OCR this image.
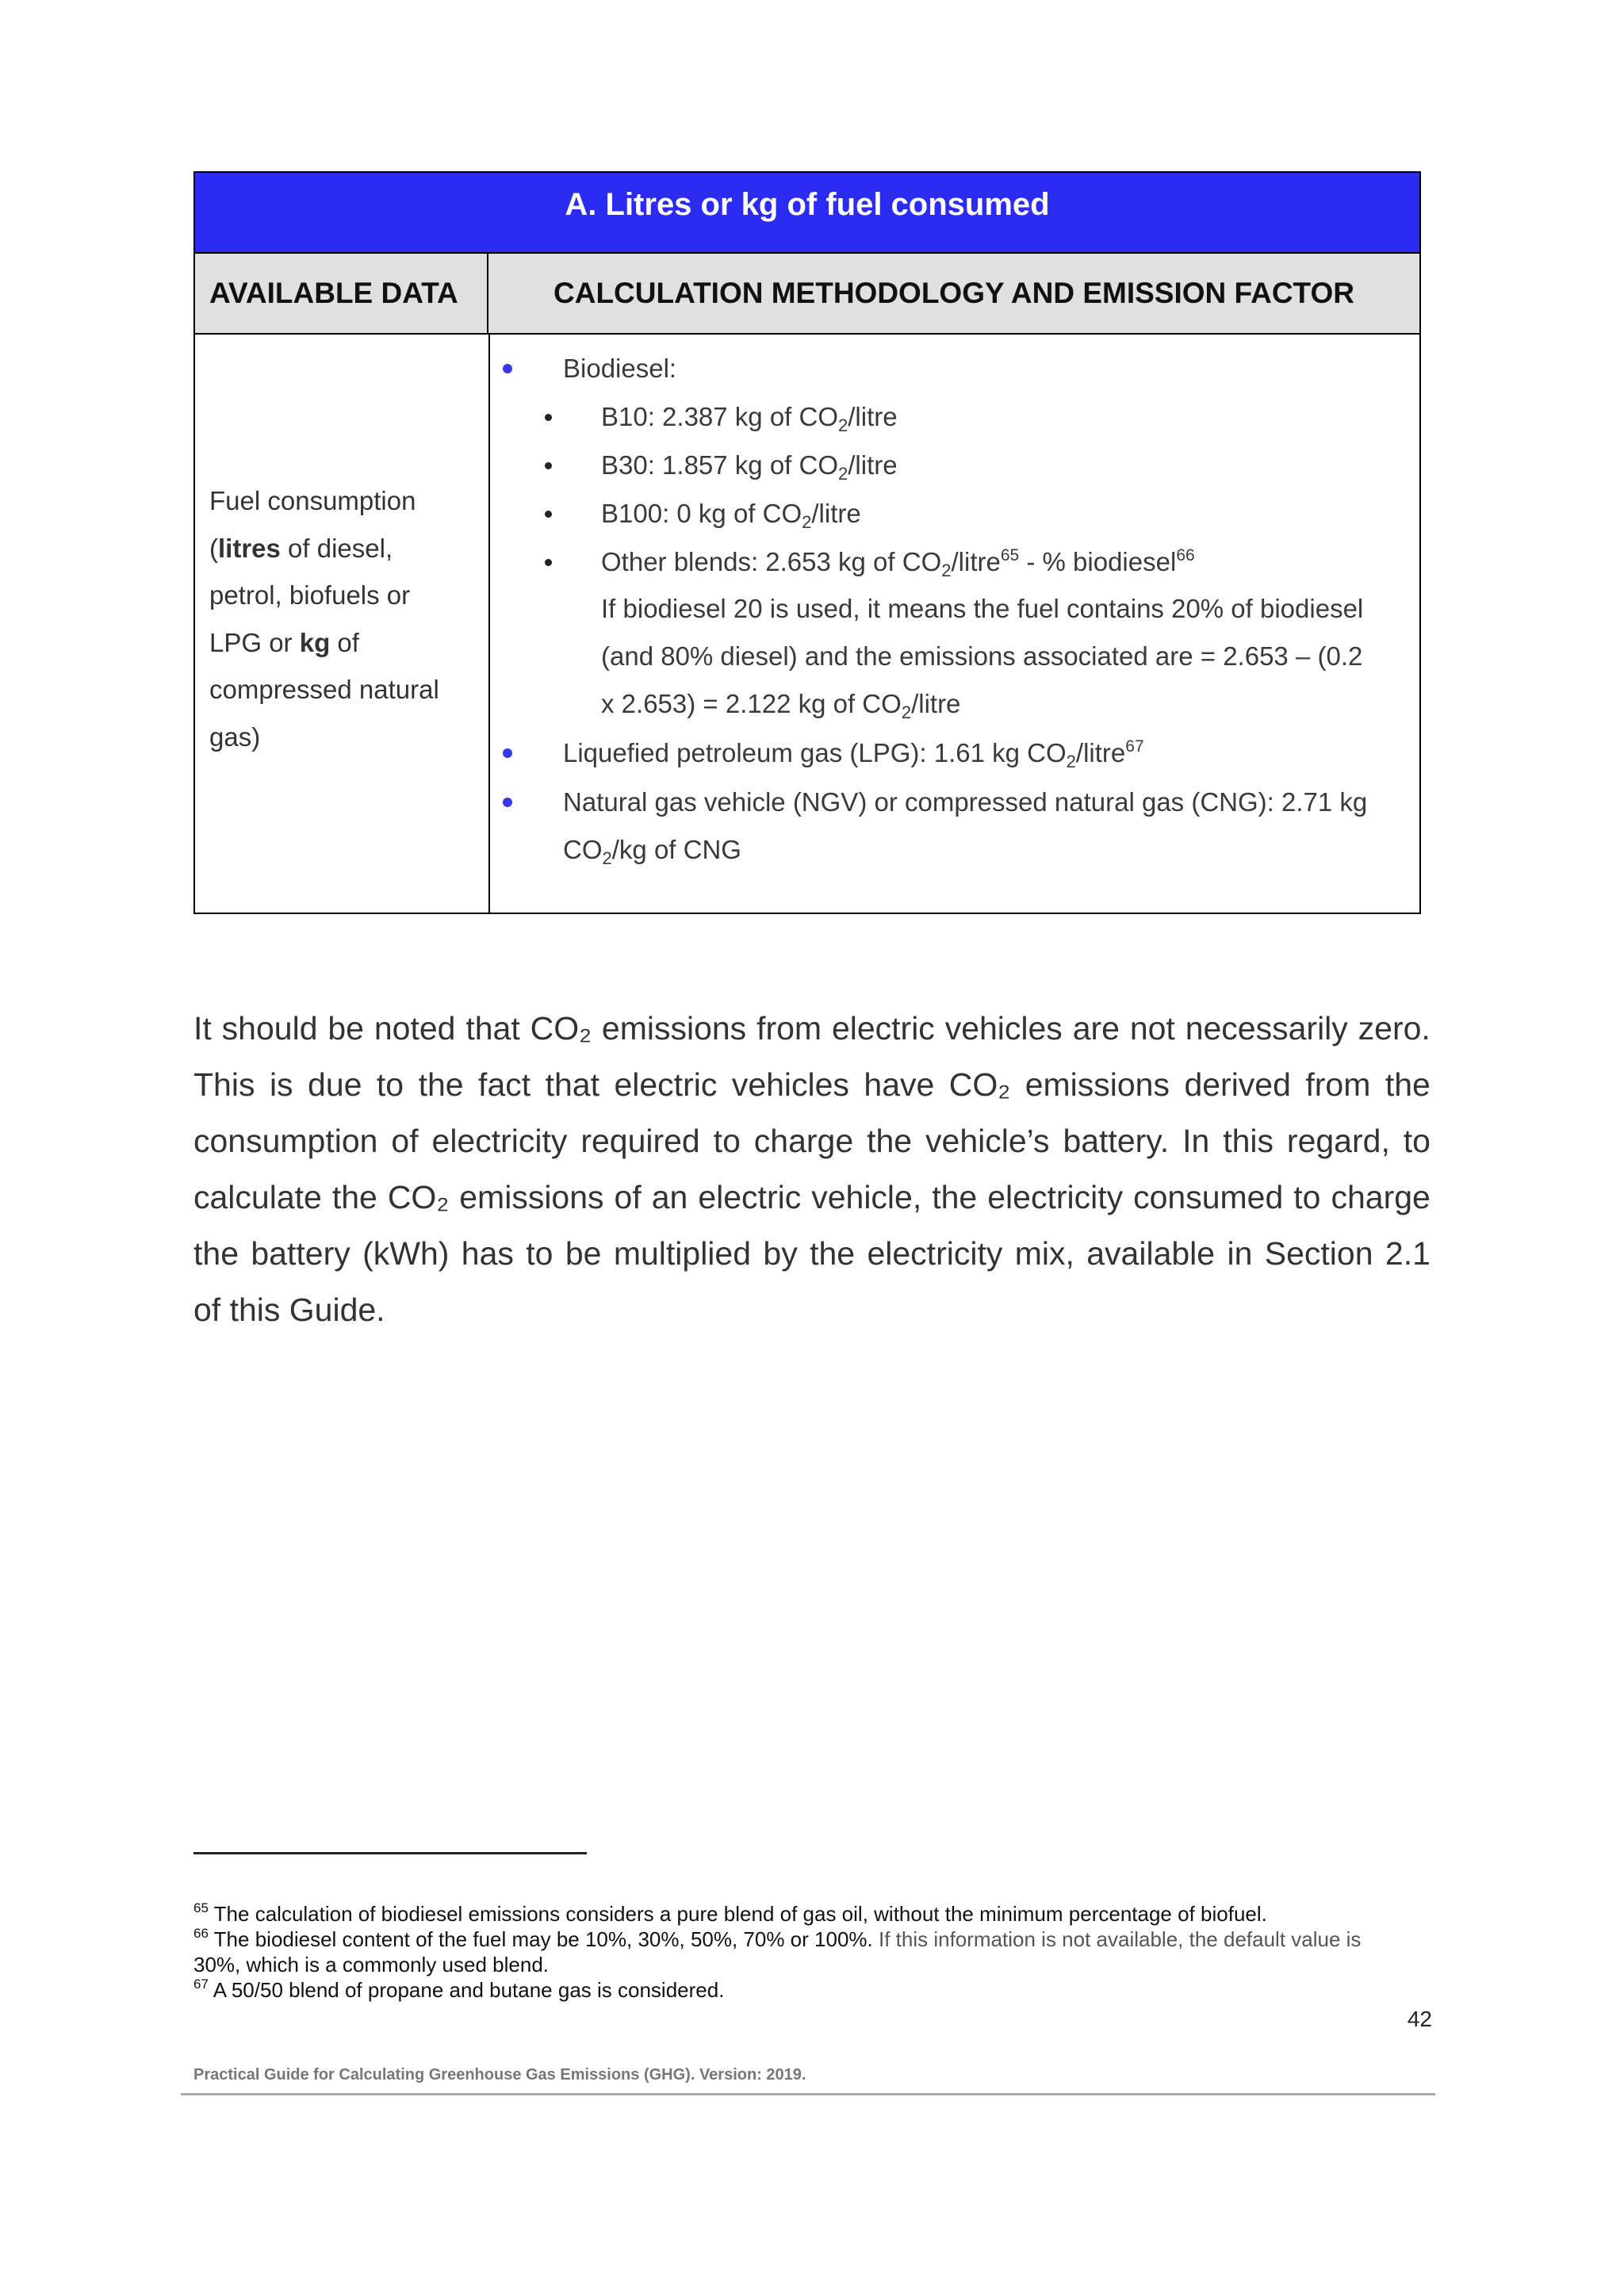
A. Litres or kg of fuel consumed
AVAILABLE DATA	CALCULATION METHODOLOGY AND EMISSION FACTOR
Fuel consumption
(litres of diesel,
petrol, biofuels or
LPG or kg of
compressed natural
gas)
Biodiesel:
B10: 2.387 kg of $CO_2$/litre
B30: 1.857 kg of $CO_2$/litre
B100: 0 kg of $CO_2$/litre
Other blends: 2.653 kg of $CO_2/litre^{65}$ - % biodiesel$^{66}$
If biodiesel 20 is used, it means the fuel contains 20% of biodiesel
(and 80% diesel) and the emissions associated are = 2.653 – (0.2
x 2.653) = 2.122 kg of $CO_2$/litre
Liquefied petroleum gas (LPG): 1.61 kg $CO_2/litre^{67}$
Natural gas vehicle (NGV) or compressed natural gas (CNG): 2.71 kg
$CO_2/kg$ of CNG
It should be noted that CO₂ emissions from electric vehicles are not necessarily zero.
This is due to the fact that electric vehicles have CO₂ emissions derived from the
consumption of electricity required to charge the vehicle’s battery. In this regard, to
calculate the CO₂ emissions of an electric vehicle, the electricity consumed to charge
the battery (kWh) has to be multiplied by the electricity mix, available in Section 2.1
of this Guide.
$^{65}$ The calculation of biodiesel emissions considers a pure blend of gas oil, without the minimum percentage of biofuel.
$^{66}$ The biodiesel content of the fuel may be 10%, 30%, 50%, 70% or 100%. If this information is not available, the default value is
30%, which is a commonly used blend.
$^{67}$ A 50/50 blend of propane and butane gas is considered.
42
Practical Guide for Calculating Greenhouse Gas Emissions (GHG). Version: 2019.
